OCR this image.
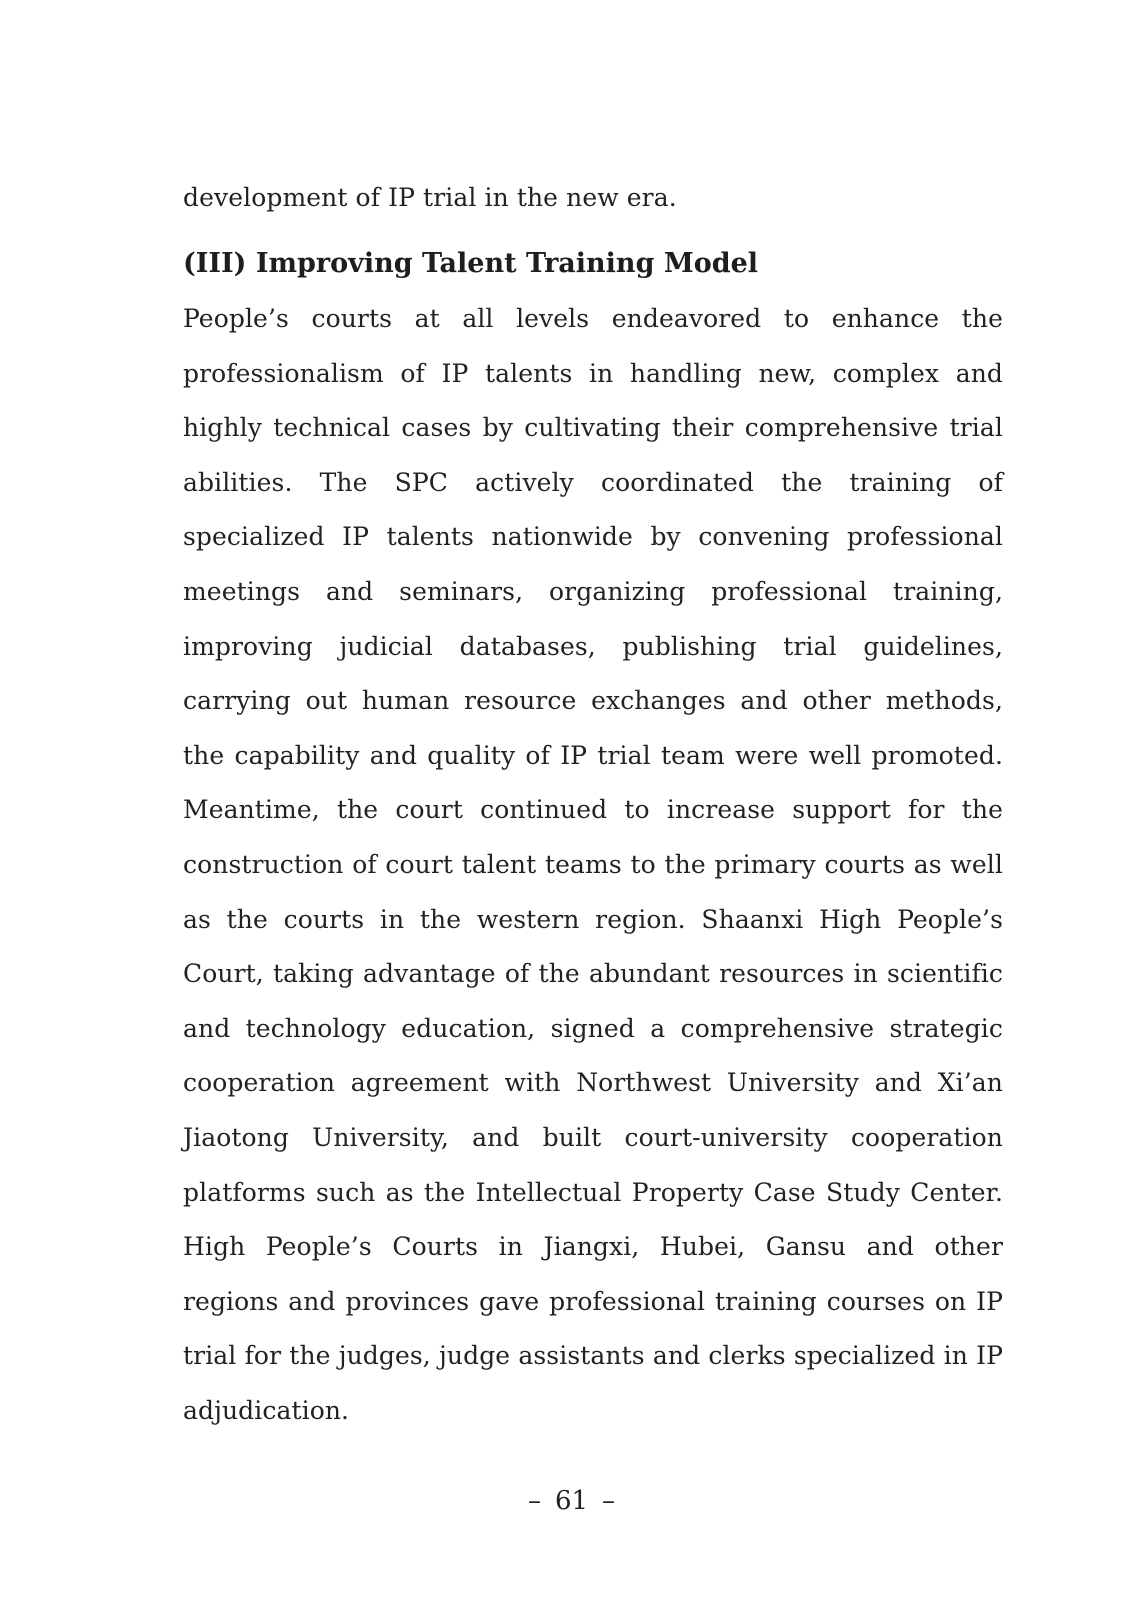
development of IP trial in the new era.

(III) Improving Talent Training Model

People’s courts at all levels endeavored to enhance the professionalism of IP talents in handling new, complex and highly technical cases by cultivating their comprehensive trial abilities. The SPC actively coordinated the training of specialized IP talents nationwide by convening professional meetings and seminars, organizing professional training, improving judicial databases, publishing trial guidelines, carrying out human resource exchanges and other methods, the capability and quality of IP trial team were well promoted. Meantime, the court continued to increase support for the construction of court talent teams to the primary courts as well as the courts in the western region. Shaanxi High People’s Court, taking advantage of the abundant resources in scientific and technology education, signed a comprehensive strategic cooperation agreement with Northwest University and Xi’an Jiaotong University, and built court-university cooperation platforms such as the Intellectual Property Case Study Center. High People’s Courts in Jiangxi, Hubei, Gansu and other regions and provinces gave professional training courses on IP trial for the judges, judge assistants and clerks specialized in IP adjudication.

– 61 –
